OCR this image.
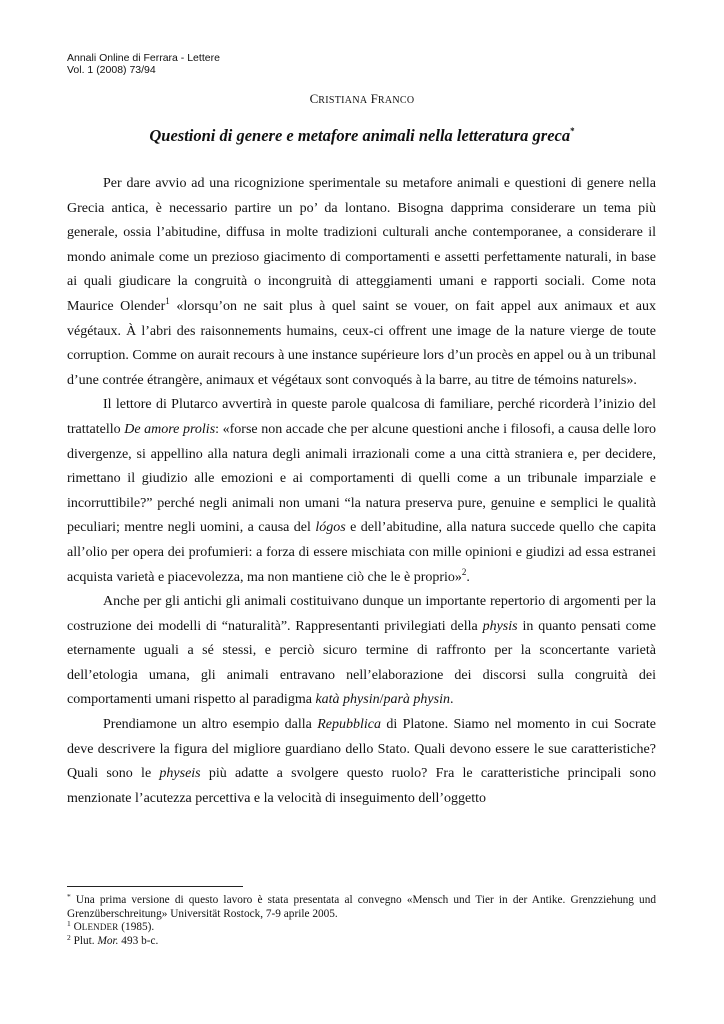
Annali Online di Ferrara - Lettere
Vol. 1 (2008) 73/94
CRISTIANA FRANCO
Questioni di genere e metafore animali nella letteratura greca*

Per dare avvio ad una ricognizione sperimentale su metafore animali e questioni di genere nella Grecia antica, è necessario partire un po’ da lontano. Bisogna dapprima considerare un tema più generale, ossia l’abitudine, diffusa in molte tradizioni culturali anche contemporanee, a considerare il mondo animale come un prezioso giacimento di comportamenti e assetti perfettamente naturali, in base ai quali giudicare la congruità o incongruità di atteggiamenti umani e rapporti sociali. Come nota Maurice Olender$^1$ «lorsqu’on ne sait plus à quel saint se vouer, on fait appel aux animaux et aux végétaux. À l’abri des raisonnements humains, ceux-ci offrent une image de la nature vierge de toute corruption. Comme on aurait recours à une instance supérieure lors d’un procès en appel ou à un tribunal d’une contrée étrangère, animaux et végétaux sont convoqués à la barre, au titre de témoins naturels».

Il lettore di Plutarco avvertirà in queste parole qualcosa di familiare, perché ricorderà l’inizio del trattatello De amore prolis: «forse non accade che per alcune questioni anche i filosofi, a causa delle loro divergenze, si appellino alla natura degli animali irrazionali come a una città straniera e, per decidere, rimettano il giudizio alle emozioni e ai comportamenti di quelli come a un tribunale imparziale e incorruttibile?” perché negli animali non umani “la natura preserva pure, genuine e semplici le qualità peculiari; mentre negli uomini, a causa del lógos e dell’abitudine, alla natura succede quello che capita all’olio per opera dei profumieri: a forza di essere mischiata con mille opinioni e giudizi ad essa estranei acquista varietà e piacevolezza, ma non mantiene ciò che le è proprio»$^2$.

Anche per gli antichi gli animali costituivano dunque un importante repertorio di argomenti per la costruzione dei modelli di “naturalità”. Rappresentanti privilegiati della physis in quanto pensati come eternamente uguali a sé stessi, e perciò sicuro termine di raffronto per la sconcertante varietà dell’etologia umana, gli animali entravano nell’elaborazione dei discorsi sulla congruità dei comportamenti umani rispetto al paradigma katà physin/parà physin.

Prendiamone un altro esempio dalla Repubblica di Platone. Siamo nel momento in cui Socrate deve descrivere la figura del migliore guardiano dello Stato. Quali devono essere le sue caratteristiche? Quali sono le physeis più adatte a svolgere questo ruolo? Fra le caratteristiche principali sono menzionate l’acutezza percettiva e la velocità di inseguimento dell’oggetto

* Una prima versione di questo lavoro è stata presentata al convegno «Mensch und Tier in der Antike. Grenzziehung und Grenzüberschreitung» Universität Rostock, 7-9 aprile 2005.

$^1$ OLENDER (1985).

$^2$ Plut. Mor. 493 b-c.
